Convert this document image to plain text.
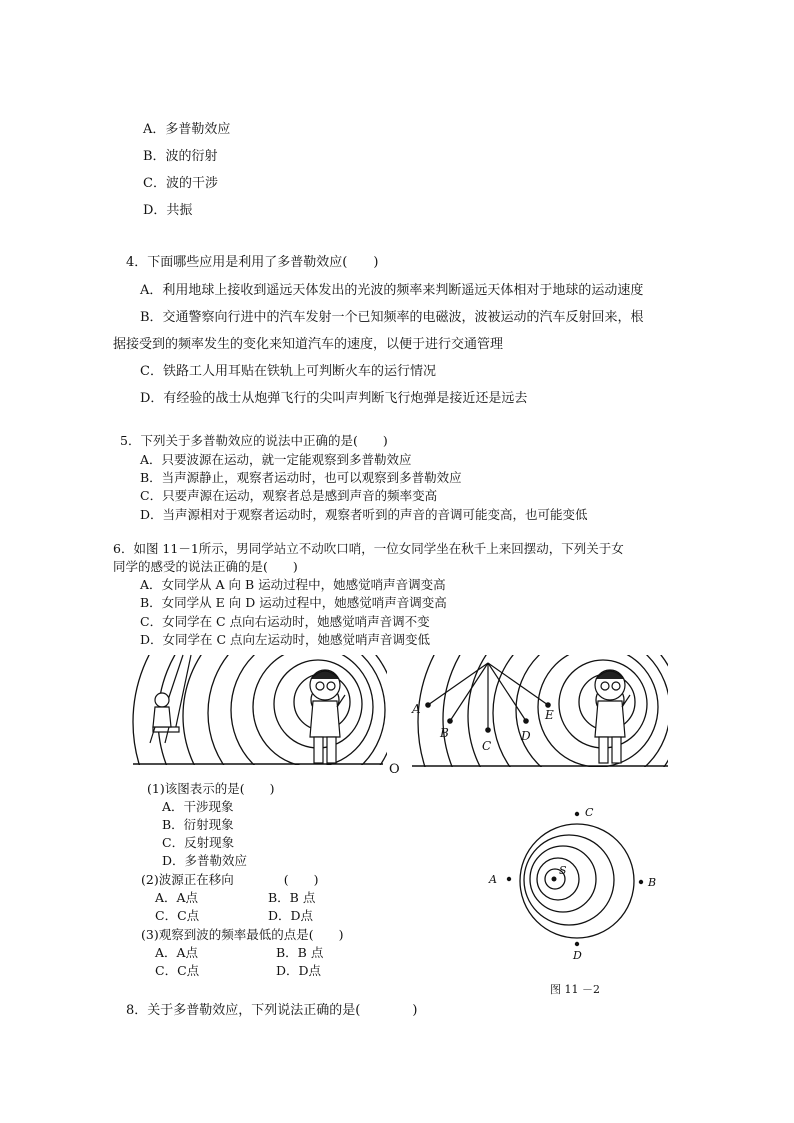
A．多普勒效应
B．波的衍射
C．波的干涉
D．共振
4．下面哪些应用是利用了多普勒效应(　　)
A．利用地球上接收到遥远天体发出的光波的频率来判断遥远天体相对于地球的运动速度
B．交通警察向行进中的汽车发射一个已知频率的电磁波，波被运动的汽车反射回来，根
据接受到的频率发生的变化来知道汽车的速度，以便于进行交通管理
C．铁路工人用耳贴在铁轨上可判断火车的运行情况
D．有经验的战士从炮弹飞行的尖叫声判断飞行炮弹是接近还是远去
5．下列关于多普勒效应的说法中正确的是(　　)
A．只要波源在运动，就一定能观察到多普勒效应
B．当声源静止，观察者运动时，也可以观察到多普勒效应
C．只要声源在运动，观察者总是感到声音的频率变高
D．当声源相对于观察者运动时，观察者听到的声音的音调可能变高，也可能变低
6．如图 11－1所示，男同学站立不动吹口哨，一位女同学坐在秋千上来回摆动，下列关于女
同学的感受的说法正确的是(　　)
A．女同学从 A 向 B 运动过程中，她感觉哨声音调变高
B．女同学从 E 向 D 运动过程中，她感觉哨声音调变高
C．女同学在 C 点向右运动时，她感觉哨声音调不变
D．女同学在 C 点向左运动时，她感觉哨声音调变低
O
A
B
C
D
E
(1)该图表示的是(　　)
A．干涉现象
B．衍射现象
C．反射现象
D．多普勒效应
(2)波源正在移向　　　　(　　)
A．A点	B．B 点
C．C点	D．D点
(3)观察到波的频率最低的点是(　　)
A．A点	B．B 点
C．C点	D．D点
S
C
A	B
D
图 11 －2
8．关于多普勒效应，下列说法正确的是(　　　　)
